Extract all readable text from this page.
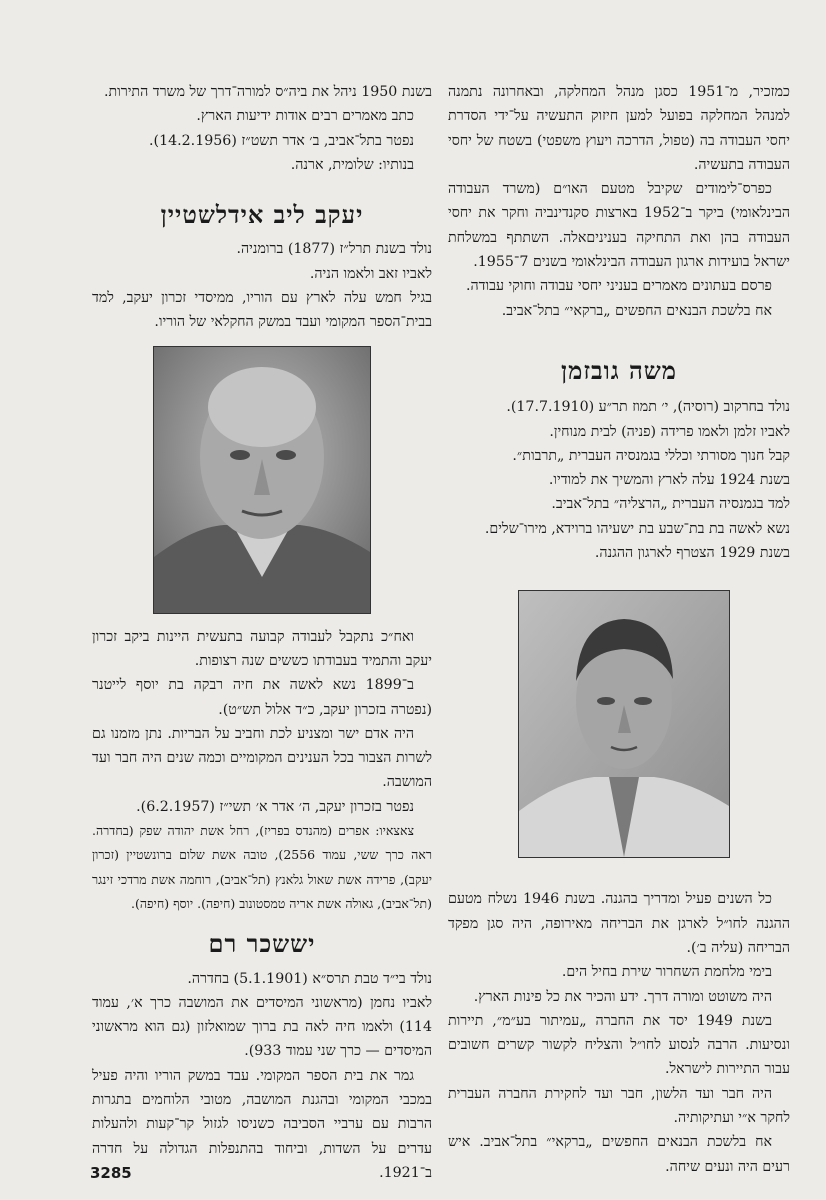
כמזכיר, מ־1951 כסגן מנהל המחלקה, ובאחרונה נתמנה למנהל המחלקה בפועל למען חיזוק התעשיה על־ידי הסדרת יחסי העבודה בה (טפול, הדרכה ויעוץ משפטי) בשטח של יחסי העבודה בתעשיה.

כפרס־לימודים שקיבל מטעם האו״ם (משרד העבודה הבינלאומי) ביקר ב־1952 בארצות סקנדינביה וחקר את יחסי העבודה בהן ואת התחיקה בעניניםאלה. השתתף במשלחת ישראל בועידות ארגון העבודה הבינלאומי בשנים 7־1955.

פרסם בעתונים מאמרים בעניני יחסי עבודה וחוקי עבודה.

אח בלשכת הבנאים החפשים „ברקאי״ בתל־אביב.

משה גובזמן

נולד בחרקוב (רוסיה), י׳ תמוז תר״ע (17.7.1910).

לאביו זלמן ולאמו פרידה (פניה) לבית מנוחין.

קבל חנוך מסורתי וכללי בגמנסיה העברית „תרבות״.

בשנת 1924 עלה לארץ והמשיך את למודיו.

למד בגמנסיה העברית „הרצליה״ בתל־אביב.

נשא לאשה בת בת־שבע בת ישעיהו ברוידא, מירו־שלים.

בשנת 1929 הצטרף לארגון ההגנה.

כל השנים פעיל ומדריך בהגנה. בשנת 1946 נשלח מטעם ההגנה לחו״ל לארגן את הבריחה מאירופה, היה סגן מפקד הבריחה (עליה ב׳).

בימי מלחמת השחרור שירת בחיל הים.

היה משוטט ומורה דרך. ידע והכיר את כל פינות הארץ.

בשנת 1949 יסד את החברה „עמיתור בע״מ״, תיירות ונסיעות. הרבה לנסוע לחו״ל והצליח לקשור קשרים חשובים עבור התיירות לישראל.

היה חבר ועד הלשון, חבר ועד לחקירת החברה העברית לחקר א״י ועתיקותיה.

אח בלשכת הבנאים החפשים „ברקאי״ בתל־אביב. איש רעים היה ונעים שיחה.

בשנת 1950 ניהל את ביה״ס למורה־דרך של משרד התירות.

כתב מאמרים רבים אודות ידיעות הארץ.

נפטר בתל־אביב, ב׳ אדר תשט״ז (14.2.1956).

בנותיו: שלומית, ארנה.

יעקב ליב אידלשטיין

נולד בשנת תרל״ז (1877) ברומניה.

לאביו זאב ולאמו הניה.

בגיל חמש עלה לארץ עם הוריו, ממיסדי זכרון יעקב, למד בבית־הספר המקומי ועבד במשק החקלאי של הוריו.

ואח״כ נתקבל לעבודה קבועה בתעשית היינות ביקב זכרון יעקב והתמיד בעבודתו כששים שנה רצופות.

ב־1899 נשא לאשה את חיה רבקה בת יוסף לייטנר (נפטרה בזכרון יעקב, כ״ד אלול תש״ט).

היה אדם ישר ומצניע לכת וחביב על הבריות. נתן מזמנו גם לשרות הצבור בכל הענינים המקומיים וכמה שנים היה חבר ועד המושבה.

נפטר בזכרון יעקב, ה׳ אדר א׳ תשי״ז (6.2.1957).

צאצאיו: אפרים (מהנדס בפריז), רחל אשת יהודה שפק (בחדרה. ראה כרך ששי, עמוד 2556), טובה אשת שלום ברונשטיין (זכרון יעקב), פרידה אשת שאול גלאנץ (תל־אביב), רוחמה אשת מרדכי זינגר (תל־אביב), גאולה אשת אריה טמסטונוב (חיפה). יוסף (חיפה).

יששכר רם

נולד בי״ד טבת תרס״א (5.1.1901) בחדרה.

לאביו נחמן (מראשוני המיסדים את המושבה כרך א׳, עמוד 114) ולאמו חיה לאה בת ברוך שמואלזון (גם הוא מראשוני המיסדים — כרך שני עמוד 933).

גמר את בית הספר המקומי. עבד במשק הוריו והיה פעיל במכבי המקומי ובהגנת המושבה, מטובי הלוחמים בתגרות הרבות עם ערביי הסביבה כשניסו לגזול קר־קעות ולהעלות עדרים על השדות, וביחוד בהתנפלות הגדולה על חדרה ב־1921.

3285
